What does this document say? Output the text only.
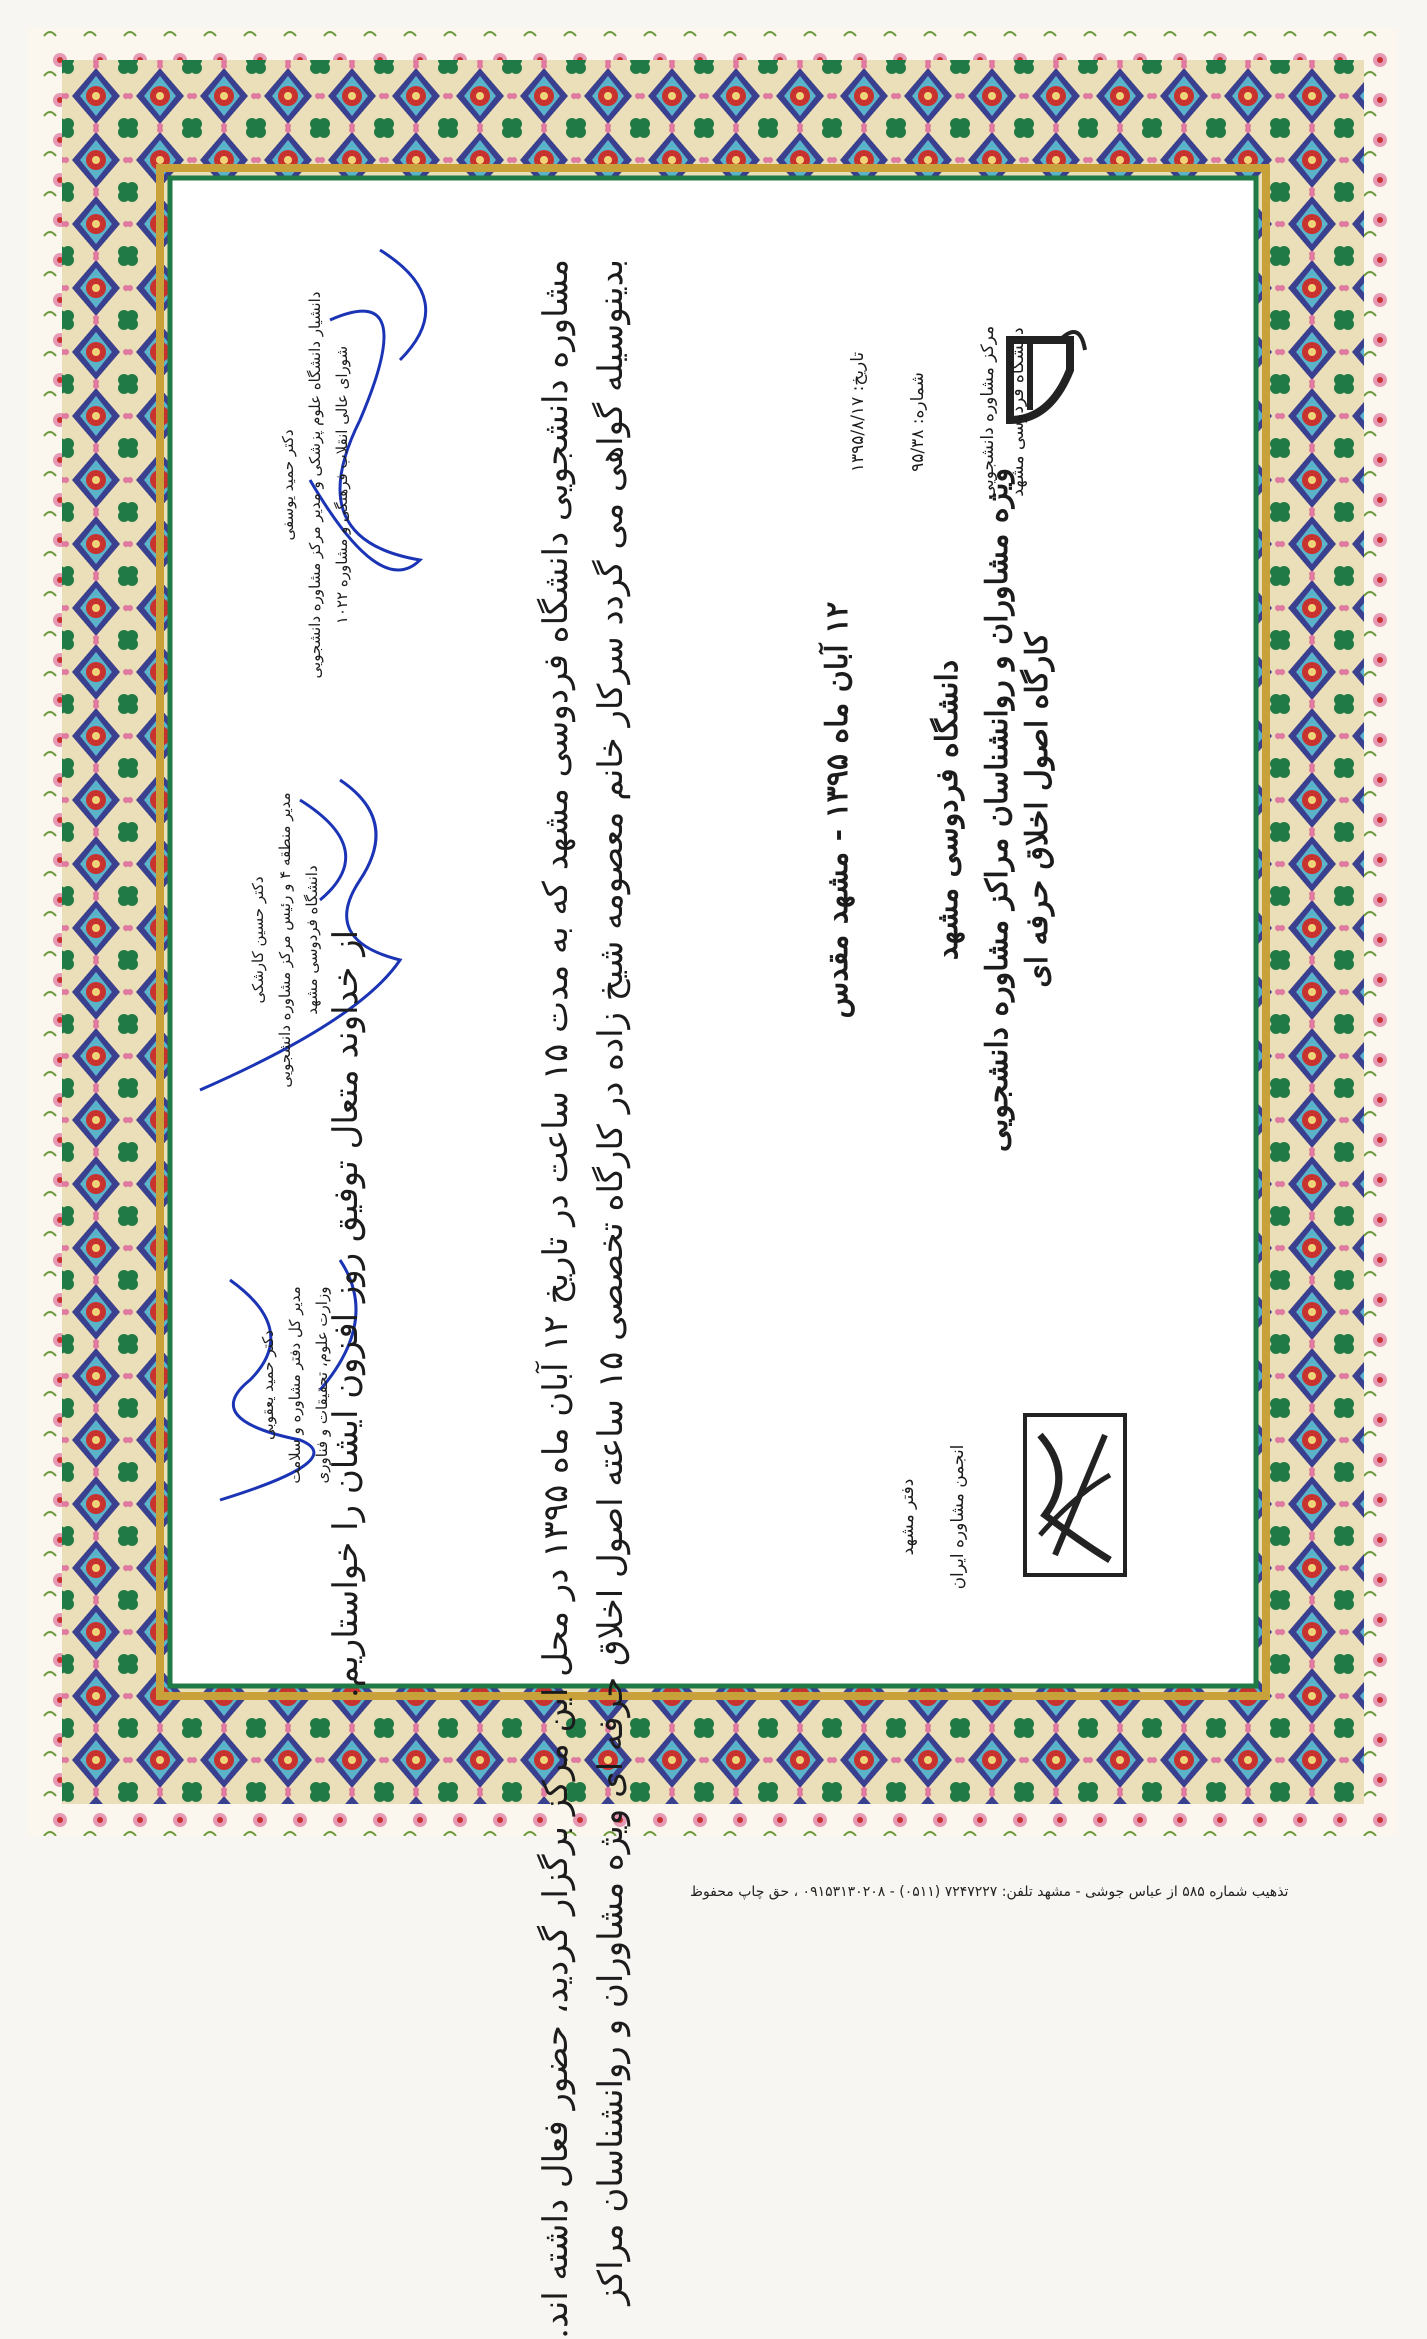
دانشگاه فردوسی مشهد
مرکز مشاوره دانشجویی
شماره: ۹۵/۳۸
تاریخ: ۱۳۹۵/۸/۱۷
انجمن مشاوره ایران
دفتر مشهد
کارگاه اصول اخلاق حرفه ای
ویژه مشاوران و روانشناسان مراکز مشاوره دانشجویی
دانشگاه فردوسی مشهد
۱۲ آبان ماه ۱۳۹۵ - مشهد مقدس
بدینوسیله گواهی می گردد سرکار خانم معصومه شیخ زاده در کارگاه تخصصی ۱۵ ساعته اصول اخلاق حرفه ای ویژه مشاوران و روانشناسان مراکز
مشاوره دانشجویی دانشگاه فردوسی مشهد که به مدت ۱۵ ساعت در تاریخ ۱۲ آبان ماه ۱۳۹۵ در محل این مرکز برگزار گردید، حضور فعال داشته اند.
از خداوند متعال توفیق روز افزون ایشان را خواستاریم.
دکتر حمید یوسفی دانشیار دانشگاه علوم پزشکی و مدیر مرکز مشاوره دانشجویی شورای عالی انقلاب فرهنگی و مشاوره ۱۰۲۲
دکتر حسین کارشکی مدیر منطقه ۴ و رئیس مرکز مشاوره دانشجویی
دانشگاه فردوسی مشهد
دکتر حمید یعقوبی مدیر کل دفتر مشاوره و سلامت وزارت علوم، تحقیقات و فناوری
تذهیب شماره ۵۸۵ از عباس جوشی - مشهد تلفن: ۷۲۴۷۲۲۷ (۰۵۱۱) - ۰۹۱۵۳۱۳۰۲۰۸ ، حق چاپ محفوظ
